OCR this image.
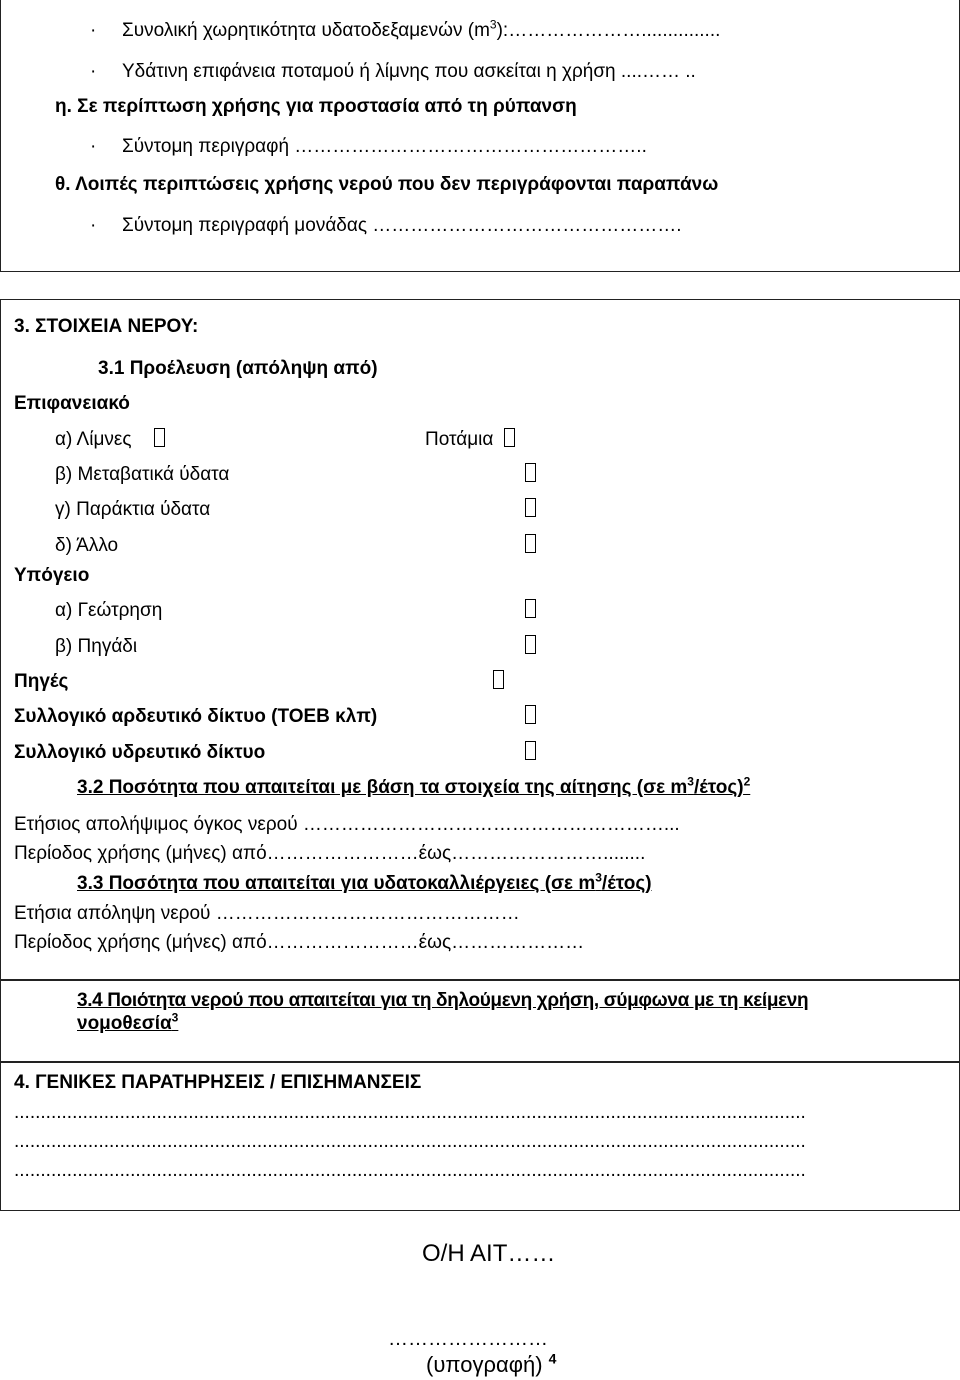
· Συνολική χωρητικότητα υδατοδεξαμενών $(m^3):\dots\dots\dots\dots\dots\dots\dots$...............
· Υδάτινη επιφάνεια ποταμού ή λίμνης που ασκείται η χρήση ....…… ..
η. Σε περίπτωση χρήσης για προστασία από τη ρύπανση
· Σύντομη περιγραφή ………………………………………………..
θ. Λοιπές περιπτώσεις χρήσης νερού που δεν περιγράφονται παραπάνω
· Σύντομη περιγραφή μονάδας ………………………………………….
3. ΣΤΟΙΧΕΙΑ ΝΕΡΟΥ:
3.1 Προέλευση (απόληψη από)
Επιφανειακό
α) Λίμνες	Ποτάμια
β) Μεταβατικά ύδατα
γ) Παράκτια ύδατα
δ) Άλλο
Υπόγειο
α) Γεώτρηση
β) Πηγάδι
Πηγές
Συλλογικό αρδευτικό δίκτυο (ΤΟΕΒ κλπ)
Συλλογικό υδρευτικό δίκτυο
3.2 Ποσότητα που απαιτείται με βάση τα στοιχεία της αίτησης (σε $m^3/έ\tau o\varsigma)^2$
Ετήσιος απολήψιμος όγκος νερού …………………………………………………...
Περίοδος χρήσης (μήνες) από……………………έως……………………........
3.3 Ποσότητα που απαιτείται για υδατοκαλλιέργειες (σε $m^3/έ\tau o\varsigma$)
Ετήσια απόληψη νερού …………………………………………
Περίοδος χρήσης (μήνες) από……………………έως…………………
3.4 Ποιότητα νερού που απαιτείται για τη δηλούμενη χρήση, σύμφωνα με τη κείμενη
νομοθεσία$^3$
4. ΓΕΝΙΚΕΣ ΠΑΡΑΤΗΡΗΣΕΙΣ / ΕΠΙΣΗΜΑΝΣΕΙΣ
......................................................................................................................................................
......................................................................................................................................................
......................................................................................................................................................
Ο/Η ΑΙΤ……
……………………
(υπογραφή) $^4$
